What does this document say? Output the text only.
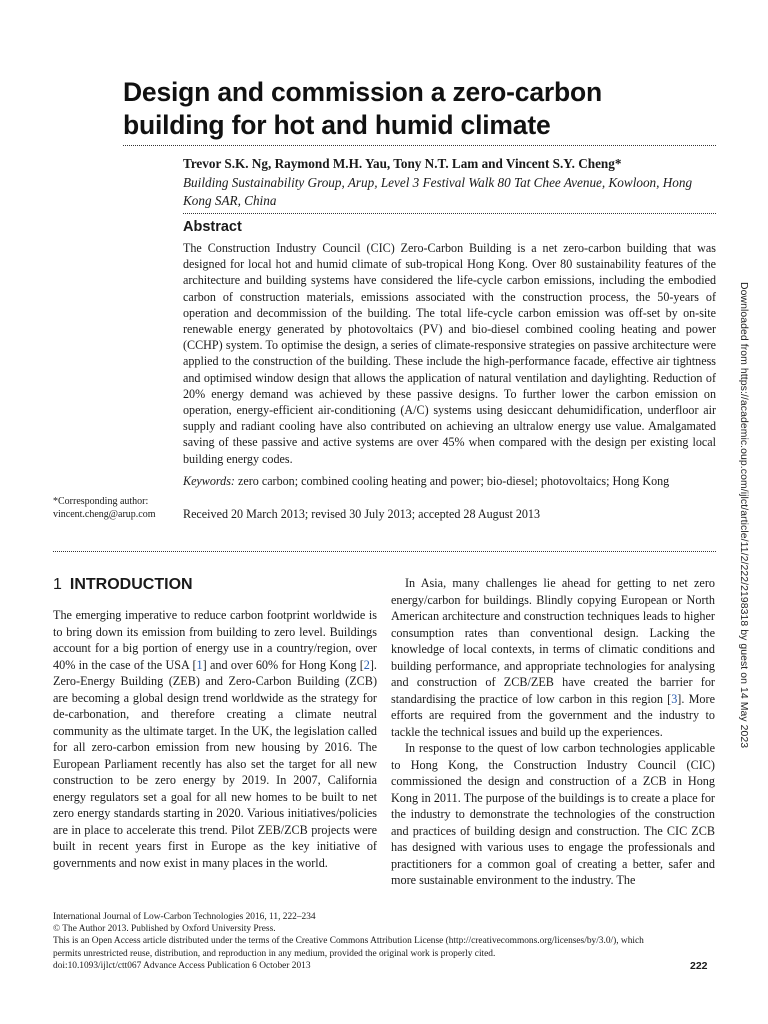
Design and commission a zero-carbon building for hot and humid climate
Trevor S.K. Ng, Raymond M.H. Yau, Tony N.T. Lam and Vincent S.Y. Cheng*
Building Sustainability Group, Arup, Level 3 Festival Walk 80 Tat Chee Avenue, Kowloon, Hong Kong SAR, China
Abstract
The Construction Industry Council (CIC) Zero-Carbon Building is a net zero-carbon building that was designed for local hot and humid climate of sub-tropical Hong Kong. Over 80 sustainability features of the architecture and building systems have considered the life-cycle carbon emissions, including the embodied carbon of construction materials, emissions associated with the construction process, the 50-years of operation and decommission of the building. The total life-cycle carbon emission was off-set by on-site renewable energy generated by photovoltaics (PV) and bio-diesel combined cooling heating and power (CCHP) system. To optimise the design, a series of climate-responsive strategies on passive architecture were applied to the construction of the building. These include the high-performance facade, effective air tightness and optimised window design that allows the application of natural ventilation and daylighting. Reduction of 20% energy demand was achieved by these passive designs. To further lower the carbon emission on operation, energy-efficient air-conditioning (A/C) systems using desiccant dehumidification, underfloor air supply and radiant cooling have also contributed on achieving an ultralow energy use value. Amalgamated saving of these passive and active systems are over 45% when compared with the design per existing local building energy codes.
Keywords: zero carbon; combined cooling heating and power; bio-diesel; photovoltaics; Hong Kong
Received 20 March 2013; revised 30 July 2013; accepted 28 August 2013
*Corresponding author:
vincent.cheng@arup.com	Downloaded from https://academic.oup.com/ijlct/article/11/2/222/2198318 by guest on 14 May 2023
1 INTRODUCTION

The emerging imperative to reduce carbon footprint worldwide is to bring down its emission from building to zero level. Buildings account for a big portion of energy use in a country/region, over 40% in the case of the USA [1] and over 60% for Hong Kong [2]. Zero-Energy Building (ZEB) and Zero-Carbon Building (ZCB) are becoming a global design trend worldwide as the strategy for de-carbonation, and therefore creating a climate neutral community as the ultimate target. In the UK, the legislation called for all zero-carbon emission from new housing by 2016. The European Parliament recently has also set the target for all new construction to be zero energy by 2019. In 2007, California energy regulators set a goal for all new homes to be built to net zero energy standards starting in 2020. Various initiatives/policies are in place to accelerate this trend. Pilot ZEB/ZCB projects were built in recent years first in Europe as the key initiative of governments and now exist in many places in the world.

In Asia, many challenges lie ahead for getting to net zero energy/carbon for buildings. Blindly copying European or North American architecture and construction techniques leads to higher consumption rates than conventional design. Lacking the knowledge of local contexts, in terms of climatic conditions and building performance, and appropriate technologies for analysing and construction of ZCB/ZEB have created the barrier for standardising the practice of low carbon in this region [3]. More efforts are required from the government and the industry to tackle the technical issues and build up the experiences.

In response to the quest of low carbon technologies applicable to Hong Kong, the Construction Industry Council (CIC) commissioned the design and construction of a ZCB in Hong Kong in 2011. The purpose of the buildings is to create a place for the industry to demonstrate the technologies of the construction and practices of building design and construction. The CIC ZCB has designed with various uses to engage the professionals and practitioners for a common goal of creating a better, safer and more sustainable environment to the industry. The

International Journal of Low-Carbon Technologies 2016, 11, 222–234

© The Author 2013. Published by Oxford University Press.

This is an Open Access article distributed under the terms of the Creative Commons Attribution License (http://creativecommons.org/licenses/by/3.0/), which

permits unrestricted reuse, distribution, and reproduction in any medium, provided the original work is properly cited.

doi:10.1093/ijlct/ctt067 Advance Access Publication 6 October 2013	222
